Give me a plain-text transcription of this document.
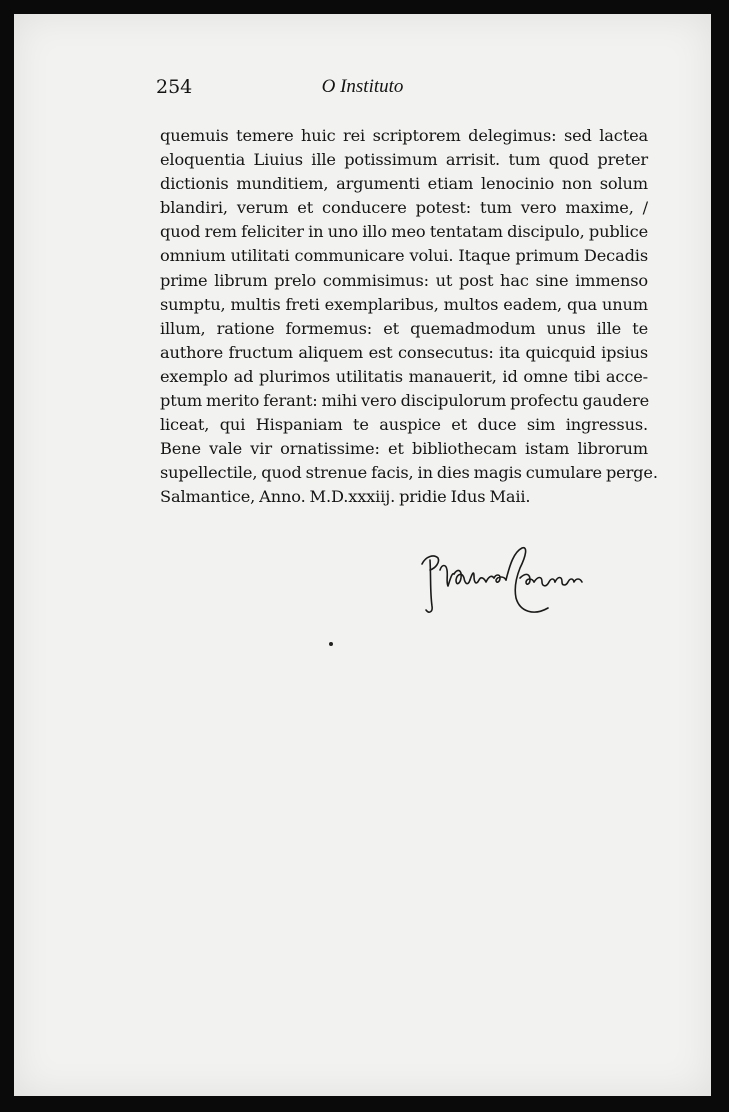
254	O Instituto
quemuis temere huic rei scriptorem delegimus: sed lactea
eloquentia Liuius ille potissimum arrisit. tum quod preter
dictionis munditiem, argumenti etiam lenocinio non solum
blandiri, verum et conducere potest: tum vero maxime, /
quod rem feliciter in uno illo meo tentatam discipulo, publice
omnium utilitati communicare volui. Itaque primum Decadis
prime librum prelo commisimus: ut post hac sine immenso
sumptu, multis freti exemplaribus, multos eadem, qua unum
illum, ratione formemus: et quemadmodum unus ille te
authore fructum aliquem est consecutus: ita quicquid ipsius
exemplo ad plurimos utilitatis manauerit, id omne tibi acce-
ptum merito ferant: mihi vero discipulorum profectu gaudere
liceat, qui Hispaniam te auspice et duce sim ingressus.
Bene vale vir ornatissime: et bibliothecam istam librorum
supellectile, quod strenue facis, in dies magis cumulare perge.
Salmantice, Anno. M.D.xxxiij. pridie Idus Maii.
